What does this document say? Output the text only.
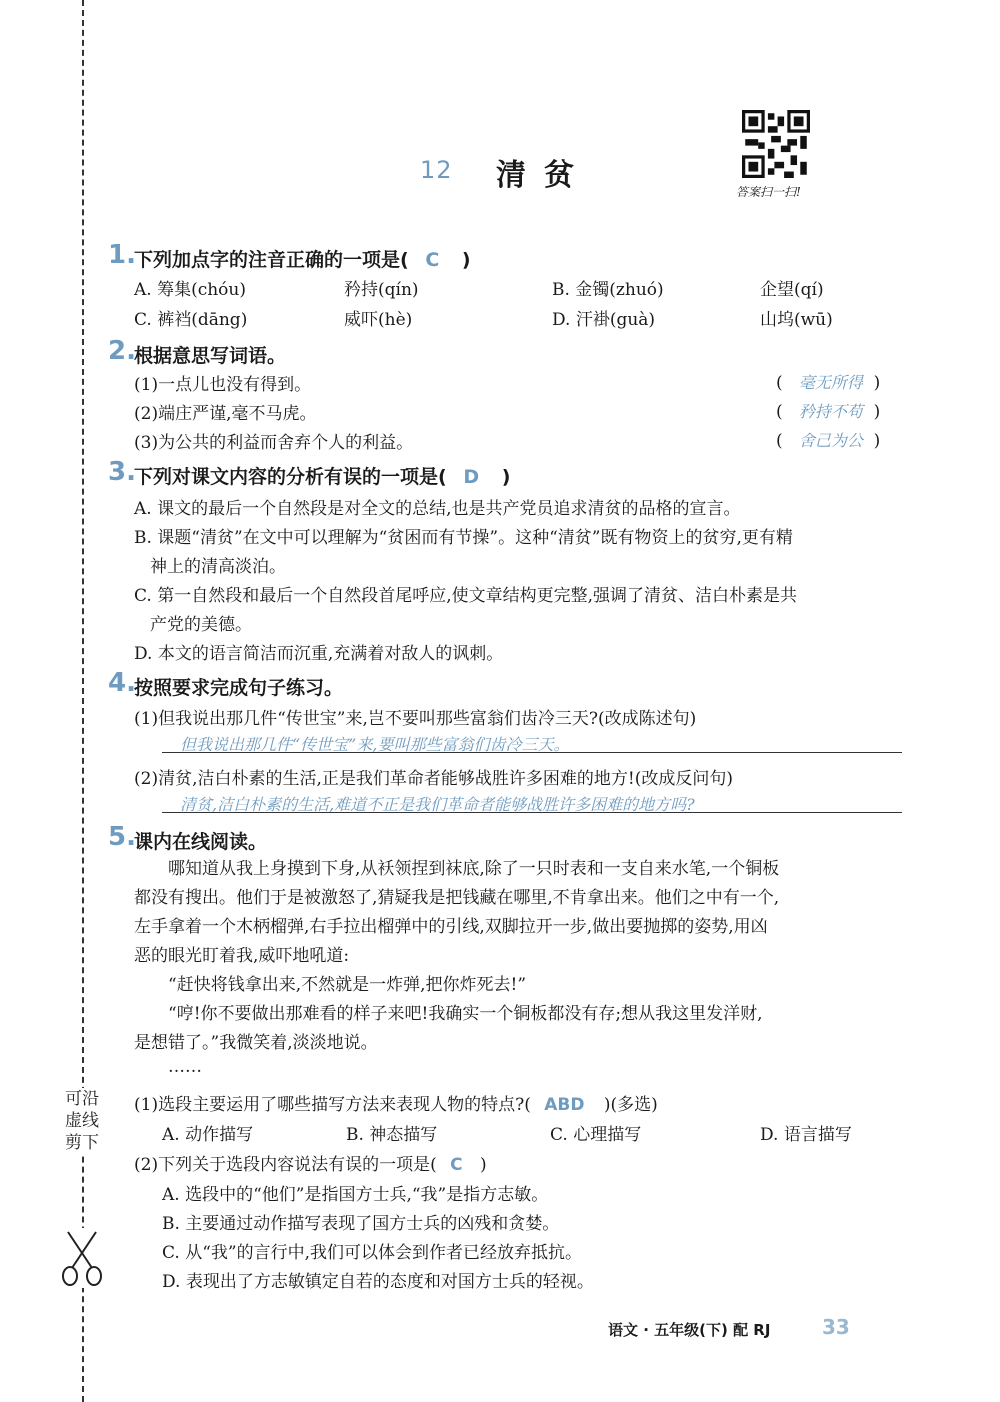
可沿虚线剪下
12 清贫	答案扫一扫!
1.
下列加点字的注音正确的一项是( C )
A. 筹集(chóu)	矜持(qín)	B. 金镯(zhuó)	企望(qí)
C. 裤裆(dāng)	威吓(hè)	D. 汗褂(guà)	山坞(wū)
2.
根据意思写词语。
(1)一点儿也没有得到。	(   毫无所得  )
(2)端庄严谨,毫不马虎。	(   矜持不苟  )
(3)为公共的利益而舍弃个人的利益。	(   舍己为公  )
3.
下列对课文内容的分析有误的一项是( D )
A. 课文的最后一个自然段是对全文的总结,也是共产党员追求清贫的品格的宣言。
B. 课题“清贫”在文中可以理解为“贫困而有节操”。这种“清贫”既有物资上的贫穷,更有精
神上的清高淡泊。
C. 第一自然段和最后一个自然段首尾呼应,使文章结构更完整,强调了清贫、洁白朴素是共
产党的美德。
D. 本文的语言简洁而沉重,充满着对敌人的讽刺。
4.
按照要求完成句子练习。
(1)但我说出那几件“传世宝”来,岂不要叫那些富翁们齿冷三天?(改成陈述句)
但我说出那几件“传世宝”来,要叫那些富翁们齿冷三天。
(2)清贫,洁白朴素的生活,正是我们革命者能够战胜许多困难的地方!(改成反问句)
清贫,洁白朴素的生活,难道不正是我们革命者能够战胜许多困难的地方吗?
5.
课内在线阅读。
哪知道从我上身摸到下身,从袄领捏到袜底,除了一只时表和一支自来水笔,一个铜板
都没有搜出。他们于是被激怒了,猜疑我是把钱藏在哪里,不肯拿出来。他们之中有一个,
左手拿着一个木柄榴弹,右手拉出榴弹中的引线,双脚拉开一步,做出要抛掷的姿势,用凶
恶的眼光盯着我,威吓地吼道:
“赶快将钱拿出来,不然就是一炸弹,把你炸死去!”
“哼!你不要做出那难看的样子来吧!我确实一个铜板都没有存;想从我这里发洋财,
是想错了。”我微笑着,淡淡地说。
……
(1)选段主要运用了哪些描写方法来表现人物的特点?( ABD )(多选)
A. 动作描写	B. 神态描写	C. 心理描写	D. 语言描写
(2)下列关于选段内容说法有误的一项是( C )
A. 选段中的“他们”是指国方士兵,“我”是指方志敏。
B. 主要通过动作描写表现了国方士兵的凶残和贪婪。
C. 从“我”的言行中,我们可以体会到作者已经放弃抵抗。
D. 表现出了方志敏镇定自若的态度和对国方士兵的轻视。
语文 · 五年级(下) 配 RJ	33
